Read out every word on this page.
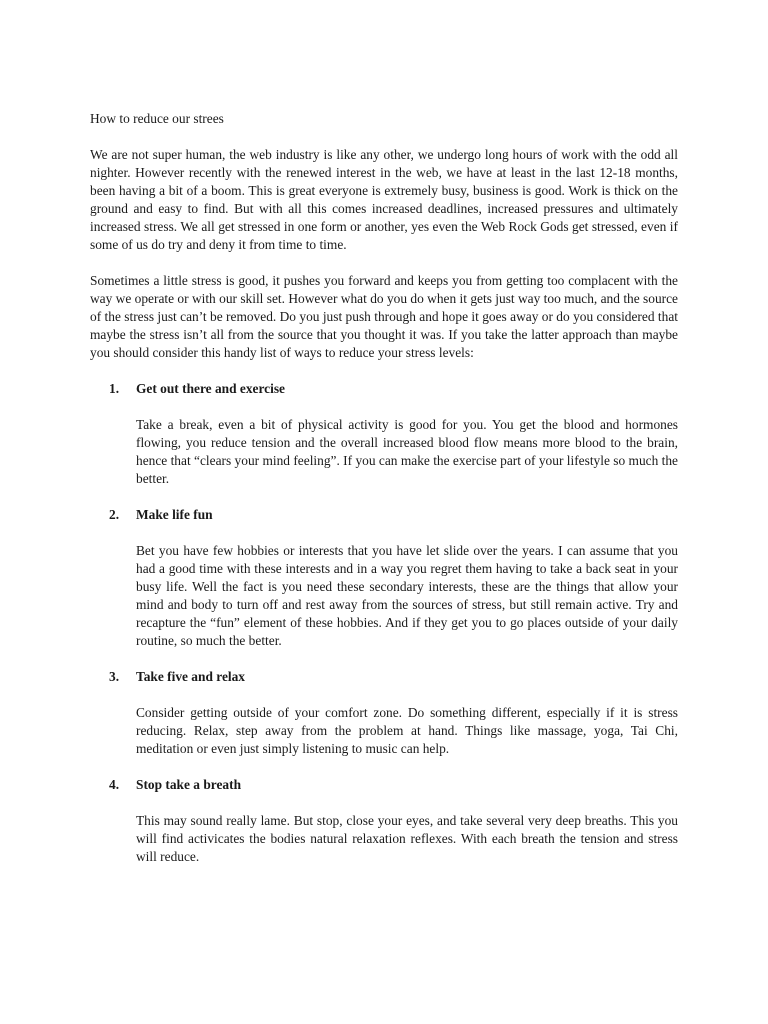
How to reduce our strees

We are not super human, the web industry is like any other, we undergo long hours of work with the odd all nighter. However recently with the renewed interest in the web, we have at least in the last 12-18 months, been having a bit of a boom. This is great everyone is extremely busy, business is good. Work is thick on the ground and easy to find. But with all this comes increased deadlines, increased pressures and ultimately increased stress. We all get stressed in one form or another, yes even the Web Rock Gods get stressed, even if some of us do try and deny it from time to time.

Sometimes a little stress is good, it pushes you forward and keeps you from getting too complacent with the way we operate or with our skill set. However what do you do when it gets just way too much, and the source of the stress just can’t be removed. Do you just push through and hope it goes away or do you considered that maybe the stress isn’t all from the source that you thought it was. If you take the latter approach than maybe you should consider this handy list of ways to reduce your stress levels:

1.	Get out there and exercise

Take a break, even a bit of physical activity is good for you. You get the blood and hormones flowing, you reduce tension and the overall increased blood flow means more blood to the brain, hence that “clears your mind feeling”. If you can make the exercise part of your lifestyle so much the better.

2.	Make life fun

Bet you have few hobbies or interests that you have let slide over the years. I can assume that you had a good time with these interests and in a way you regret them having to take a back seat in your busy life. Well the fact is you need these secondary interests, these are the things that allow your mind and body to turn off and rest away from the sources of stress, but still remain active. Try and recapture the “fun” element of these hobbies. And if they get you to go places outside of your daily routine, so much the better.

3.	Take five and relax

Consider getting outside of your comfort zone. Do something different, especially if it is stress reducing. Relax, step away from the problem at hand. Things like massage, yoga, Tai Chi, meditation or even just simply listening to music can help.

4.	Stop take a breath

This may sound really lame. But stop, close your eyes, and take several very deep breaths. This you will find activicates the bodies natural relaxation reflexes. With each breath the tension and stress will reduce.
